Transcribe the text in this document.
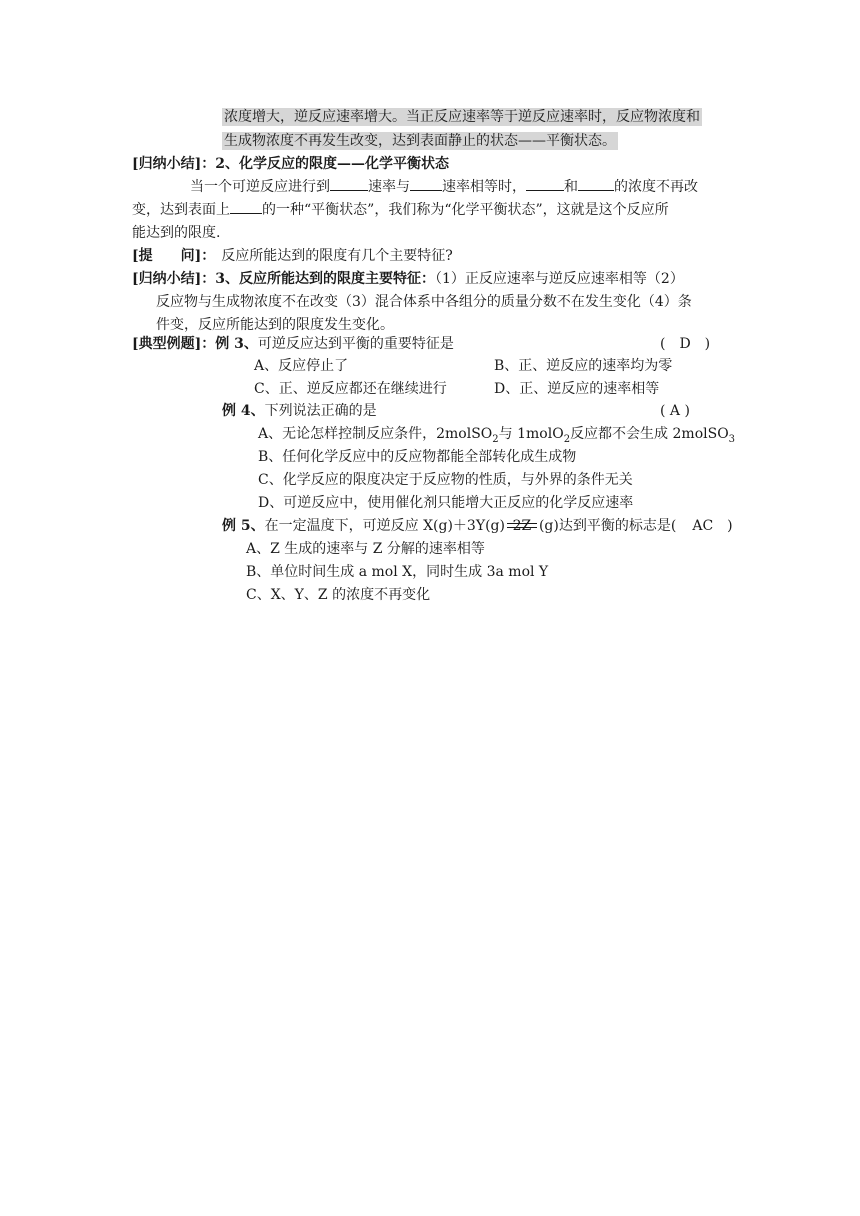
浓度增大，逆反应速率增大。当正反应速率等于逆反应速率时，反应物浓度和
生成物浓度不再发生改变，达到表面静止的状态——平衡状态。
[归纳小结]：2、化学反应的限度——化学平衡状态
当一个可逆反应进行到	速率与 速率相等时，	和	的浓度不再改
变，达到表面上 的一种“平衡状态”，我们称为“化学平衡状态”，这就是这个反应所
能达到的限度.
[提　　问]： 反应所能达到的限度有几个主要特征?
[归纳小结]：3、反应所能达到的限度主要特征：（1）正反应速率与逆反应速率相等（2）
反应物与生成物浓度不在改变（3）混合体系中各组分的质量分数不在发生变化（4）条
件变，反应所能达到的限度发生变化。
[典型例题]：例 3、可逆反应达到平衡的重要特征是	(　D　)
A、反应停止了	B、正、逆反应的速率均为零
C、正、逆反应都还在继续进行	D、正、逆反应的速率相等
例 4、下列说法正确的是	( A )
A、无论怎样控制反应条件，2molSO$_2$与 1molO$_2$反应都不会生成 2molSO$_3$
B、任何化学反应中的反应物都能全部转化成生成物
C、化学反应的限度决定于反应物的性质，与外界的条件无关
D、可逆反应中，使用催化剂只能增大正反应的化学反应速率
例 5、在一定温度下，可逆反应 X(g)＋3Y(g) 2Z (g)达到平衡的标志是( AC )
A、Z 生成的速率与 Z 分解的速率相等
B、单位时间生成 a mol X，同时生成 3a mol Y
C、X、Y、Z 的浓度不再变化
